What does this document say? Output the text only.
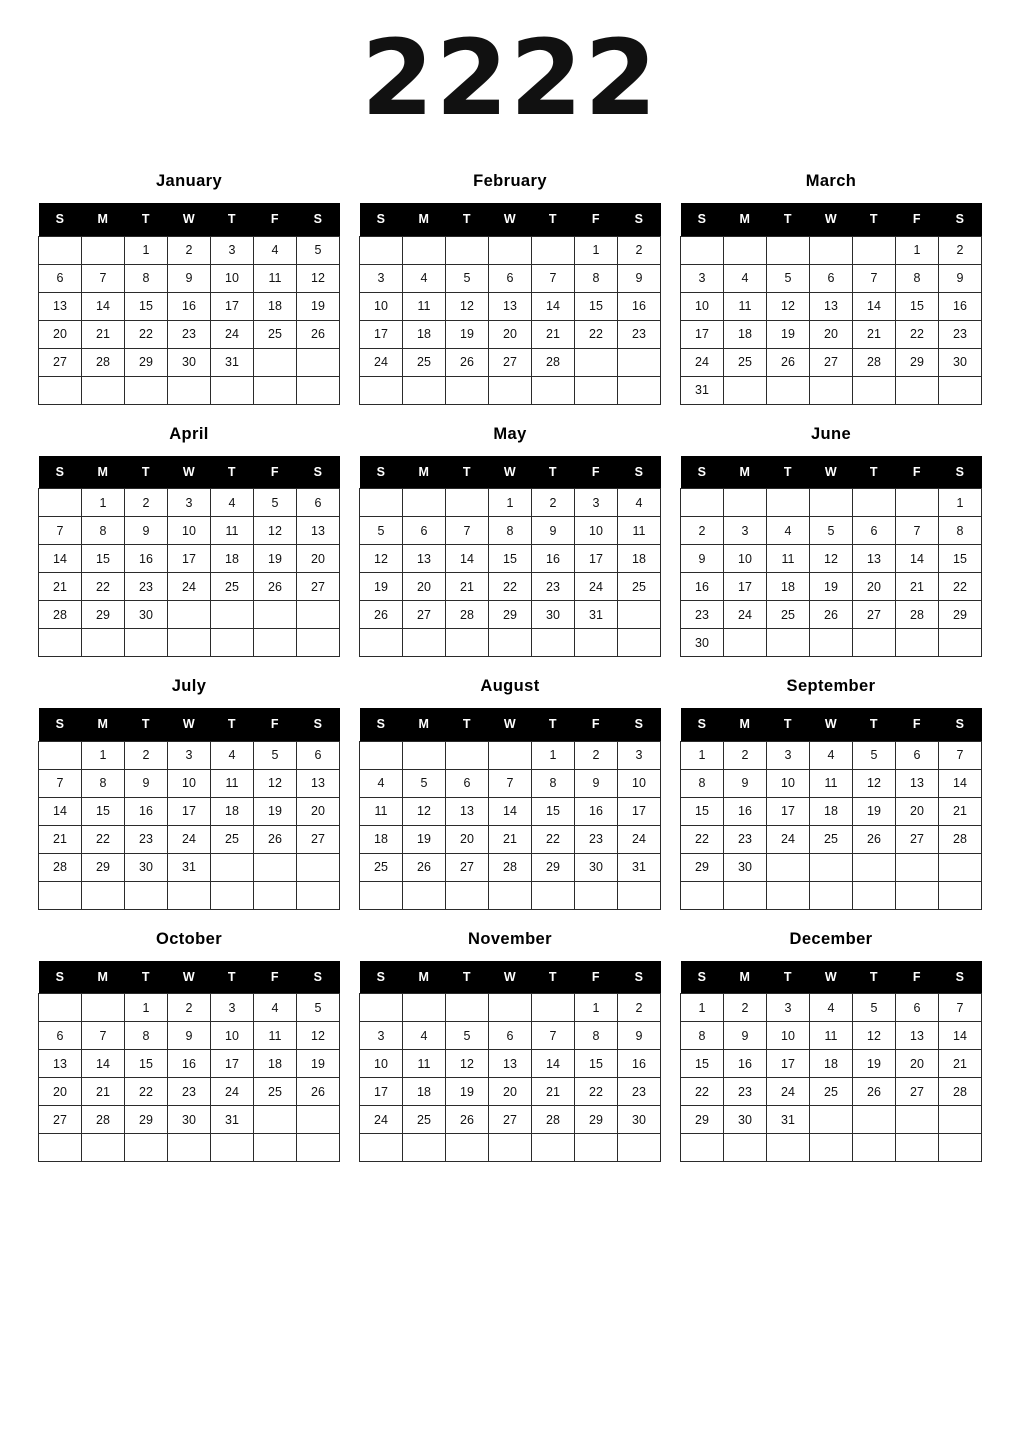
2222
January
S	M	T	W	T	F	S
		1	2	3	4	5
6	7	8	9	10	11	12
13	14	15	16	17	18	19
20	21	22	23	24	25	26
27	28	29	30	31		

February
S	M	T	W	T	F	S
					1	2
3	4	5	6	7	8	9
10	11	12	13	14	15	16
17	18	19	20	21	22	23
24	25	26	27	28		

March
S	M	T	W	T	F	S
					1	2
3	4	5	6	7	8	9
10	11	12	13	14	15	16
17	18	19	20	21	22	23
24	25	26	27	28	29	30
31						
April
S	M	T	W	T	F	S
	1	2	3	4	5	6
7	8	9	10	11	12	13
14	15	16	17	18	19	20
21	22	23	24	25	26	27
28	29	30				

May
S	M	T	W	T	F	S
			1	2	3	4
5	6	7	8	9	10	11
12	13	14	15	16	17	18
19	20	21	22	23	24	25
26	27	28	29	30	31	

June
S	M	T	W	T	F	S
						1
2	3	4	5	6	7	8
9	10	11	12	13	14	15
16	17	18	19	20	21	22
23	24	25	26	27	28	29
30						
July
S	M	T	W	T	F	S
	1	2	3	4	5	6
7	8	9	10	11	12	13
14	15	16	17	18	19	20
21	22	23	24	25	26	27
28	29	30	31			

August
S	M	T	W	T	F	S
				1	2	3
4	5	6	7	8	9	10
11	12	13	14	15	16	17
18	19	20	21	22	23	24
25	26	27	28	29	30	31

September
S	M	T	W	T	F	S
1	2	3	4	5	6	7
8	9	10	11	12	13	14
15	16	17	18	19	20	21
22	23	24	25	26	27	28
29	30					

October
S	M	T	W	T	F	S
		1	2	3	4	5
6	7	8	9	10	11	12
13	14	15	16	17	18	19
20	21	22	23	24	25	26
27	28	29	30	31		

November
S	M	T	W	T	F	S
					1	2
3	4	5	6	7	8	9
10	11	12	13	14	15	16
17	18	19	20	21	22	23
24	25	26	27	28	29	30

December
S	M	T	W	T	F	S
1	2	3	4	5	6	7
8	9	10	11	12	13	14
15	16	17	18	19	20	21
22	23	24	25	26	27	28
29	30	31				
